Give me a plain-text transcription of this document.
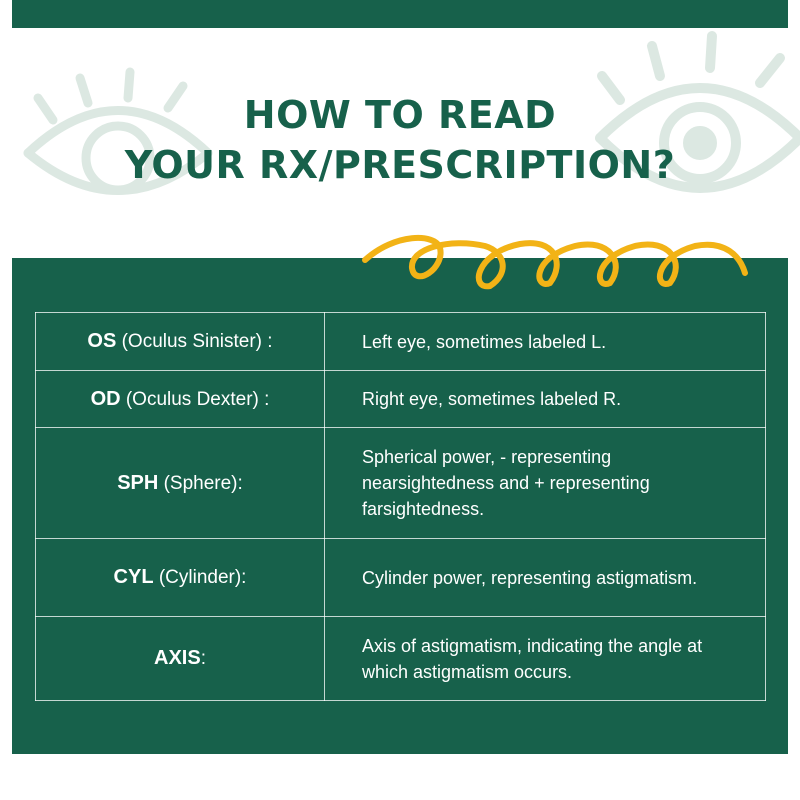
HOW TO READ
YOUR RX/PRESCRIPTION?
OS (Oculus Sinister) :	Left eye, sometimes labeled L.
OD (Oculus Dexter) :	Right eye, sometimes labeled R.
SPH (Sphere):	Spherical power, - representing nearsightedness and + representing farsightedness.
CYL (Cylinder):	Cylinder power, representing astigmatism.
AXIS:	Axis of astigmatism, indicating the angle at which astigmatism occurs.
